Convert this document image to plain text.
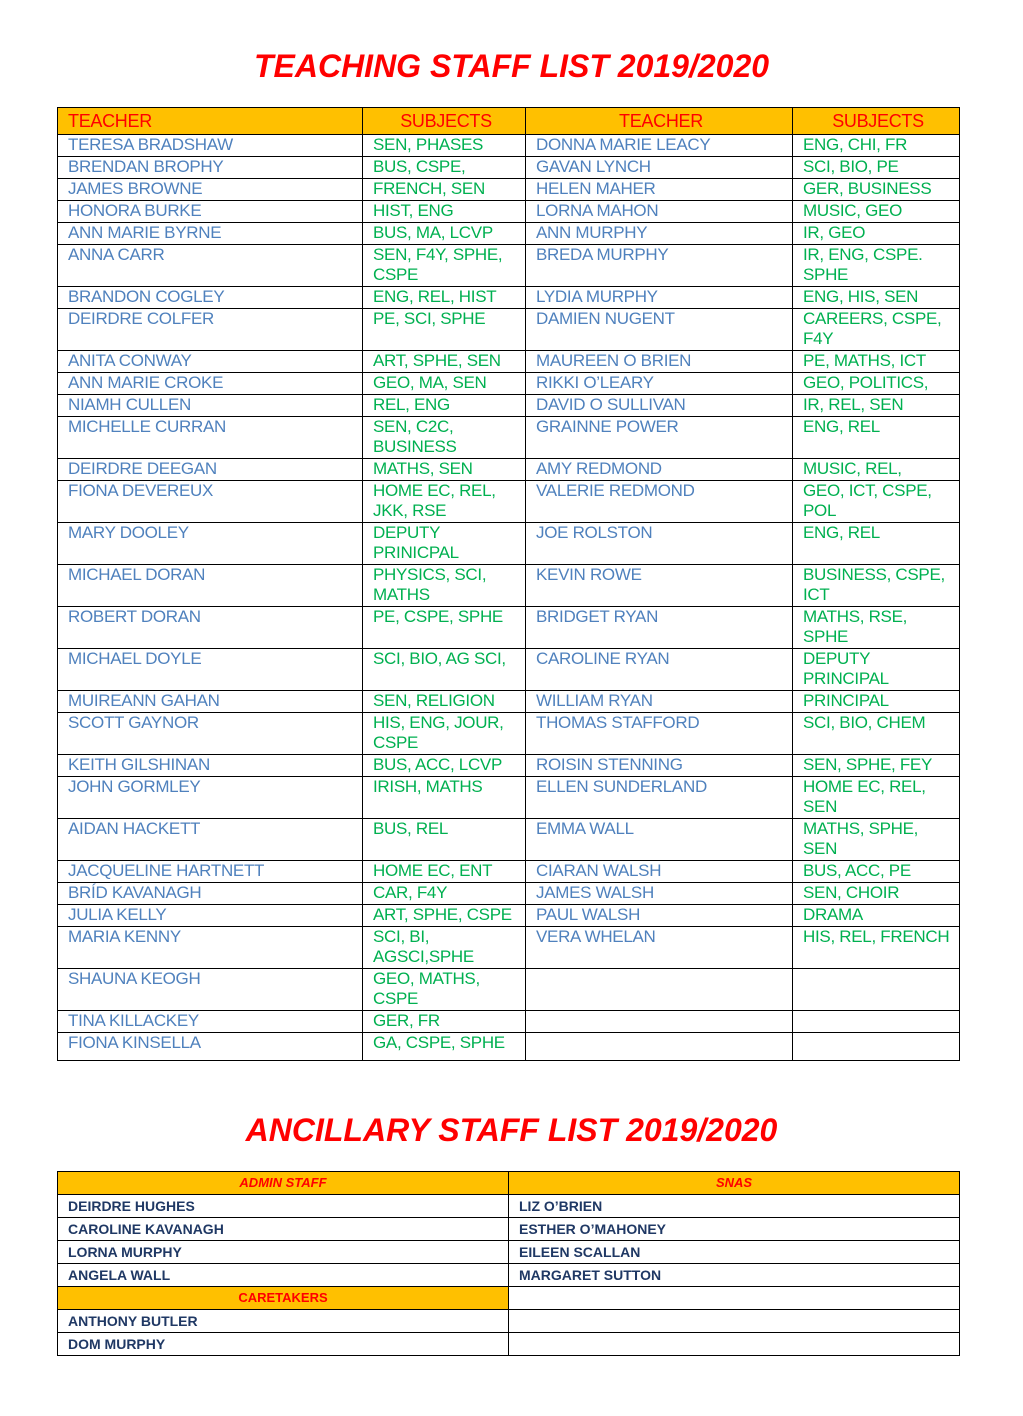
TEACHING STAFF LIST 2019/2020
TEACHER	SUBJECTS	TEACHER	SUBJECTS
TERESA BRADSHAW	SEN, PHASES	DONNA MARIE LEACY	ENG, CHI, FR
BRENDAN BROPHY	BUS, CSPE,	GAVAN LYNCH	SCI, BIO, PE
JAMES BROWNE	FRENCH, SEN	HELEN MAHER	GER, BUSINESS
HONORA BURKE	HIST, ENG	LORNA MAHON	MUSIC, GEO
ANN MARIE BYRNE	BUS, MA, LCVP	ANN MURPHY	IR, GEO
ANNA CARR	SEN, F4Y, SPHE, CSPE	BREDA MURPHY	IR, ENG, CSPE. SPHE
BRANDON COGLEY	ENG, REL, HIST	LYDIA MURPHY	ENG, HIS, SEN
DEIRDRE COLFER	PE, SCI, SPHE	DAMIEN NUGENT	CAREERS, CSPE, F4Y
ANITA CONWAY	ART, SPHE, SEN	MAUREEN O BRIEN	PE, MATHS, ICT
ANN MARIE CROKE	GEO, MA, SEN	RIKKI O’LEARY	GEO, POLITICS,
NIAMH CULLEN	REL, ENG	DAVID O SULLIVAN	IR, REL, SEN
MICHELLE CURRAN	SEN, C2C, BUSINESS	GRAINNE POWER	ENG, REL
DEIRDRE DEEGAN	MATHS, SEN	AMY REDMOND	MUSIC, REL,
FIONA DEVEREUX	HOME EC, REL, JKK, RSE	VALERIE REDMOND	GEO, ICT, CSPE, POL
MARY DOOLEY	DEPUTY PRINICPAL	JOE ROLSTON	ENG, REL
MICHAEL DORAN	PHYSICS, SCI, MATHS	KEVIN ROWE	BUSINESS, CSPE, ICT
ROBERT DORAN	PE, CSPE, SPHE	BRIDGET RYAN	MATHS, RSE, SPHE
MICHAEL DOYLE	SCI, BIO, AG SCI,	CAROLINE RYAN	DEPUTY PRINCIPAL
MUIREANN GAHAN	SEN, RELIGION	WILLIAM RYAN	PRINCIPAL
SCOTT GAYNOR	HIS, ENG, JOUR, CSPE	THOMAS STAFFORD	SCI, BIO, CHEM
KEITH GILSHINAN	BUS, ACC, LCVP	ROISIN STENNING	SEN, SPHE, FEY
JOHN GORMLEY	IRISH, MATHS	ELLEN SUNDERLAND	HOME EC, REL, SEN
AIDAN HACKETT	BUS, REL	EMMA WALL	MATHS, SPHE, SEN
JACQUELINE HARTNETT	HOME EC, ENT	CIARAN WALSH	BUS, ACC, PE
BRÍD KAVANAGH	CAR, F4Y	JAMES WALSH	SEN, CHOIR
JULIA KELLY	ART, SPHE, CSPE	PAUL WALSH	DRAMA
MARIA KENNY	SCI, BI, AGSCI,SPHE	VERA WHELAN	HIS, REL, FRENCH
SHAUNA KEOGH	GEO, MATHS, CSPE		
TINA KILLACKEY	GER, FR		
FIONA KINSELLA	GA, CSPE, SPHE		
ANCILLARY STAFF LIST 2019/2020
ADMIN STAFF	SNAS
DEIRDRE HUGHES	LIZ O’BRIEN
CAROLINE KAVANAGH	ESTHER O’MAHONEY
LORNA MURPHY	EILEEN SCALLAN
ANGELA WALL	MARGARET SUTTON
CARETAKERS	
ANTHONY BUTLER	
DOM MURPHY	
